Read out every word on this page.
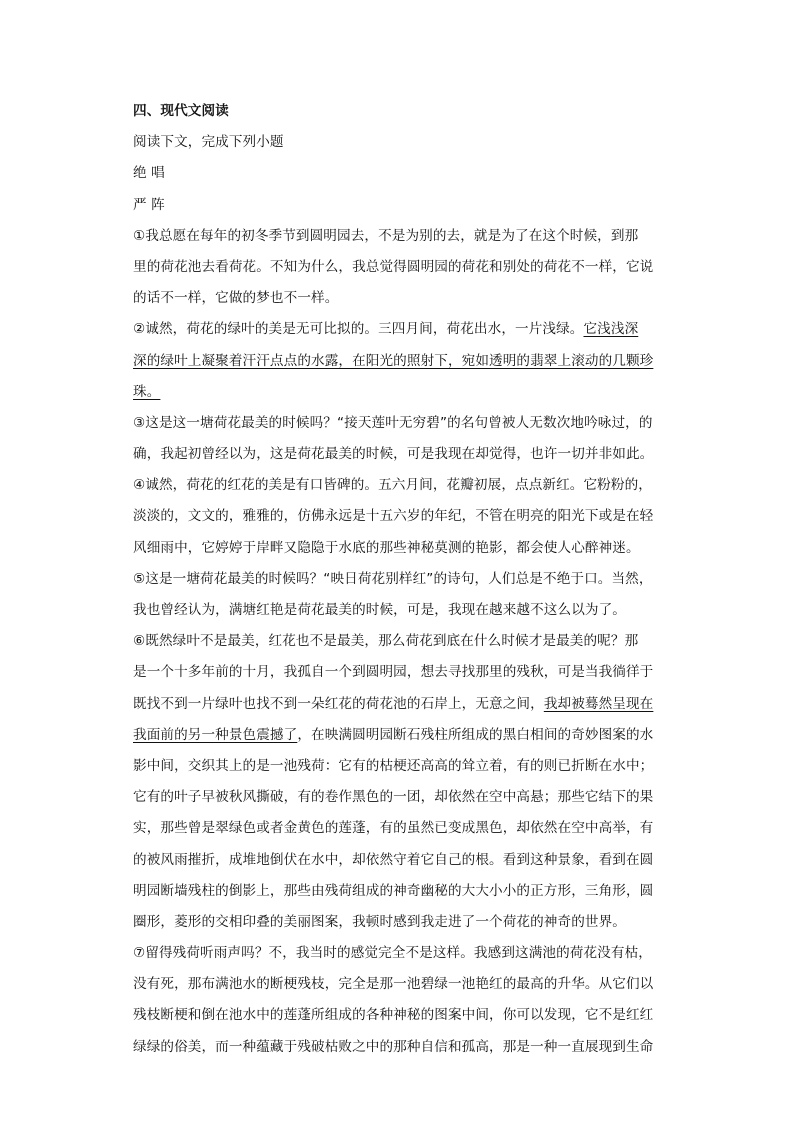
四、现代文阅读
阅读下文，完成下列小题
绝 唱
严 阵
①我总愿在每年的初冬季节到圆明园去，不是为别的去，就是为了在这个时候，到那
里的荷花池去看荷花。不知为什么，我总觉得圆明园的荷花和别处的荷花不一样，它说
的话不一样，它做的梦也不一样。
②诚然，荷花的绿叶的美是无可比拟的。三四月间，荷花出水，一片浅绿。它浅浅深
深的绿叶上凝聚着汗汗点点的水露，在阳光的照射下，宛如透明的翡翠上滚动的几颗珍
珠。
③这是这一塘荷花最美的时候吗？“接天莲叶无穷碧”的名句曾被人无数次地吟咏过，的
确，我起初曾经以为，这是荷花最美的时候，可是我现在却觉得，也许一切并非如此。
④诚然，荷花的红花的美是有口皆碑的。五六月间，花瓣初展，点点新红。它粉粉的，
淡淡的，文文的，雅雅的，仿佛永远是十五六岁的年纪，不管在明亮的阳光下或是在轻
风细雨中，它婷婷于岸畔又隐隐于水底的那些神秘莫测的艳影，都会使人心醉神迷。
⑤这是一塘荷花最美的时候吗？“映日荷花别样红”的诗句，人们总是不绝于口。当然，
我也曾经认为，满塘红艳是荷花最美的时候，可是，我现在越来越不这么以为了。
⑥既然绿叶不是最美，红花也不是最美，那么荷花到底在什么时候才是最美的呢？那
是一个十多年前的十月，我孤自一个到圆明园，想去寻找那里的残秋，可是当我徜徉于
既找不到一片绿叶也找不到一朵红花的荷花池的石岸上，无意之间，我却被蓦然呈现在
我面前的另一种景色震撼了，在映满圆明园断石残柱所组成的黑白相间的奇妙图案的水
影中间，交织其上的是一池残荷：它有的枯梗还高高的耸立着，有的则已折断在水中；
它有的叶子早被秋风撕破，有的卷作黑色的一团，却依然在空中高悬；那些它结下的果
实，那些曾是翠绿色或者金黄色的莲蓬，有的虽然已变成黑色，却依然在空中高举，有
的被风雨摧折，成堆地倒伏在水中，却依然守着它自己的根。看到这种景象，看到在圆
明园断墙残柱的倒影上，那些由残荷组成的神奇幽秘的大大小小的正方形，三角形，圆
圈形，菱形的交相印叠的美丽图案，我顿时感到我走进了一个荷花的神奇的世界。
⑦留得残荷听雨声吗？不，我当时的感觉完全不是这样。我感到这满池的荷花没有枯，
没有死，那布满池水的断梗残枝，完全是那一池碧绿一池艳红的最高的升华。从它们以
残枝断梗和倒在池水中的莲蓬所组成的各种神秘的图案中间，你可以发现，它不是红红
绿绿的俗美，而一种蕴藏于残破枯败之中的那种自信和孤高，那是一种一直展现到生命
